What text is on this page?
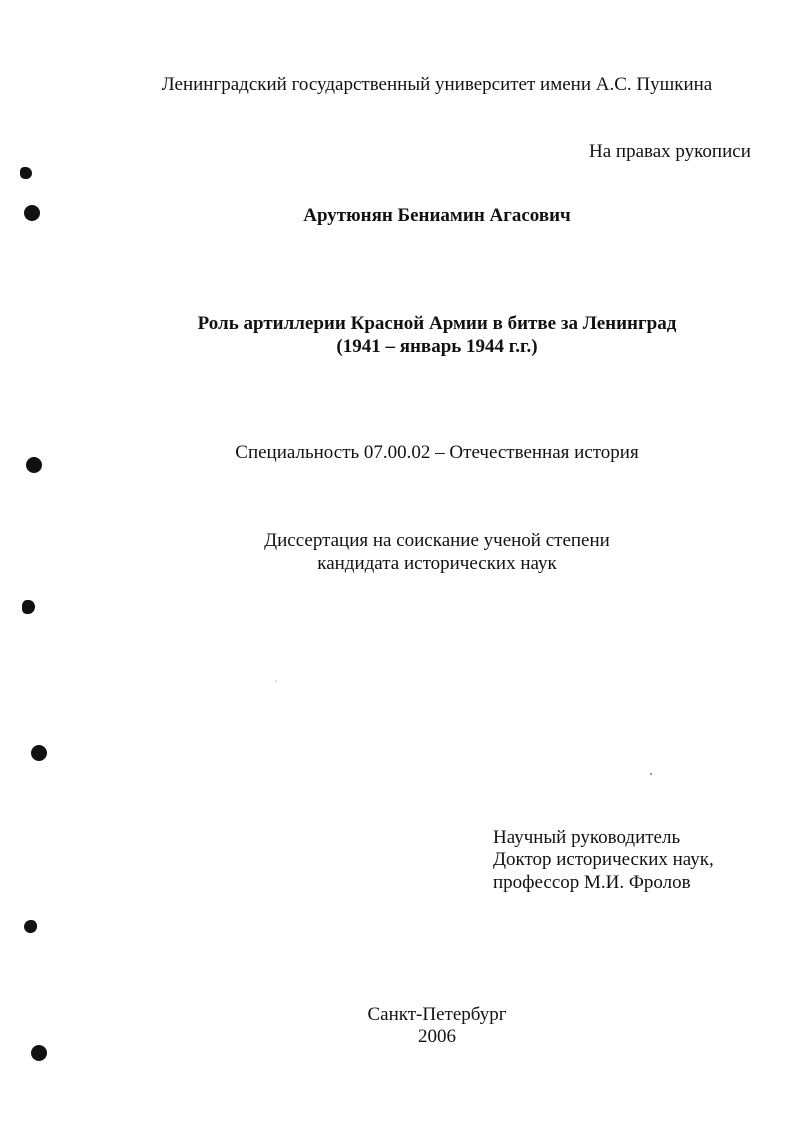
Ленинградский государственный университет имени А.С. Пушкина
На правах рукописи
Арутюнян Бениамин Агасович
Роль артиллерии Красной Армии в битве за Ленинград
(1941 – январь 1944 г.г.)
Специальность 07.00.02 – Отечественная история
Диссертация на соискание ученой степени
кандидата исторических наук
Научный руководитель
Доктор исторических наук,
профессор М.И. Фролов
Санкт-Петербург
2006
